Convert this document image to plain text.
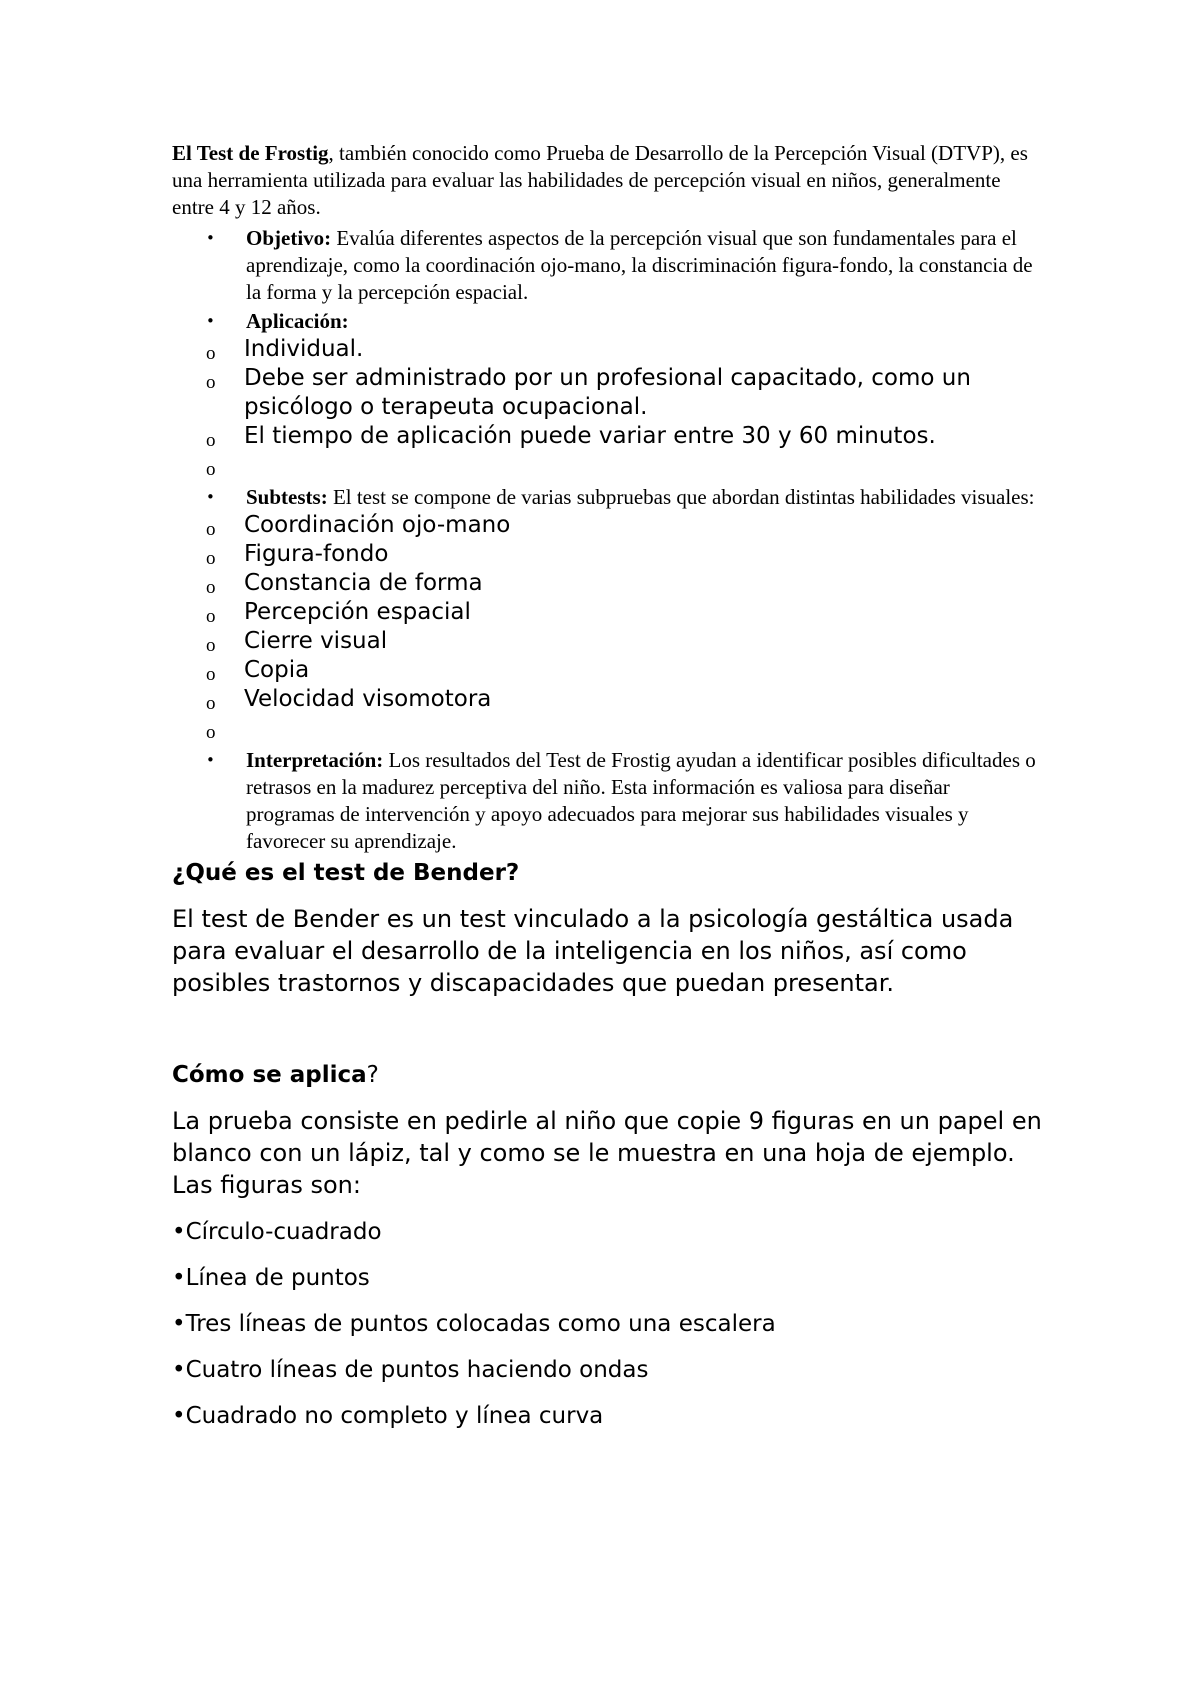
El Test de Frostig, también conocido como Prueba de Desarrollo de la Percepción Visual (DTVP), es una herramienta utilizada para evaluar las habilidades de percepción visual en niños, generalmente entre 4 y 12 años.

• Objetivo: Evalúa diferentes aspectos de la percepción visual que son fundamentales para el aprendizaje, como la coordinación ojo-mano, la discriminación figura-fondo, la constancia de la forma y la percepción espacial.
• Aplicación:
o Individual.
o Debe ser administrado por un profesional capacitado, como un psicólogo o terapeuta ocupacional.
o El tiempo de aplicación puede variar entre 30 y 60 minutos.
o
• Subtests: El test se compone de varias subpruebas que abordan distintas habilidades visuales:
o Coordinación ojo-mano
o Figura-fondo
o Constancia de forma
o Percepción espacial
o Cierre visual
o Copia
o Velocidad visomotora
o
• Interpretación: Los resultados del Test de Frostig ayudan a identificar posibles dificultades o retrasos en la madurez perceptiva del niño. Esta información es valiosa para diseñar programas de intervención y apoyo adecuados para mejorar sus habilidades visuales y favorecer su aprendizaje.

¿Qué es el test de Bender?

El test de Bender es un test vinculado a la psicología gestáltica usada para evaluar el desarrollo de la inteligencia en los niños, así como posibles trastornos y discapacidades que puedan presentar.

Cómo se aplica?

La prueba consiste en pedirle al niño que copie 9 figuras en un papel en blanco con un lápiz, tal y como se le muestra en una hoja de ejemplo. Las figuras son:

•Círculo-cuadrado

•Línea de puntos

•Tres líneas de puntos colocadas como una escalera

•Cuatro líneas de puntos haciendo ondas

•Cuadrado no completo y línea curva
